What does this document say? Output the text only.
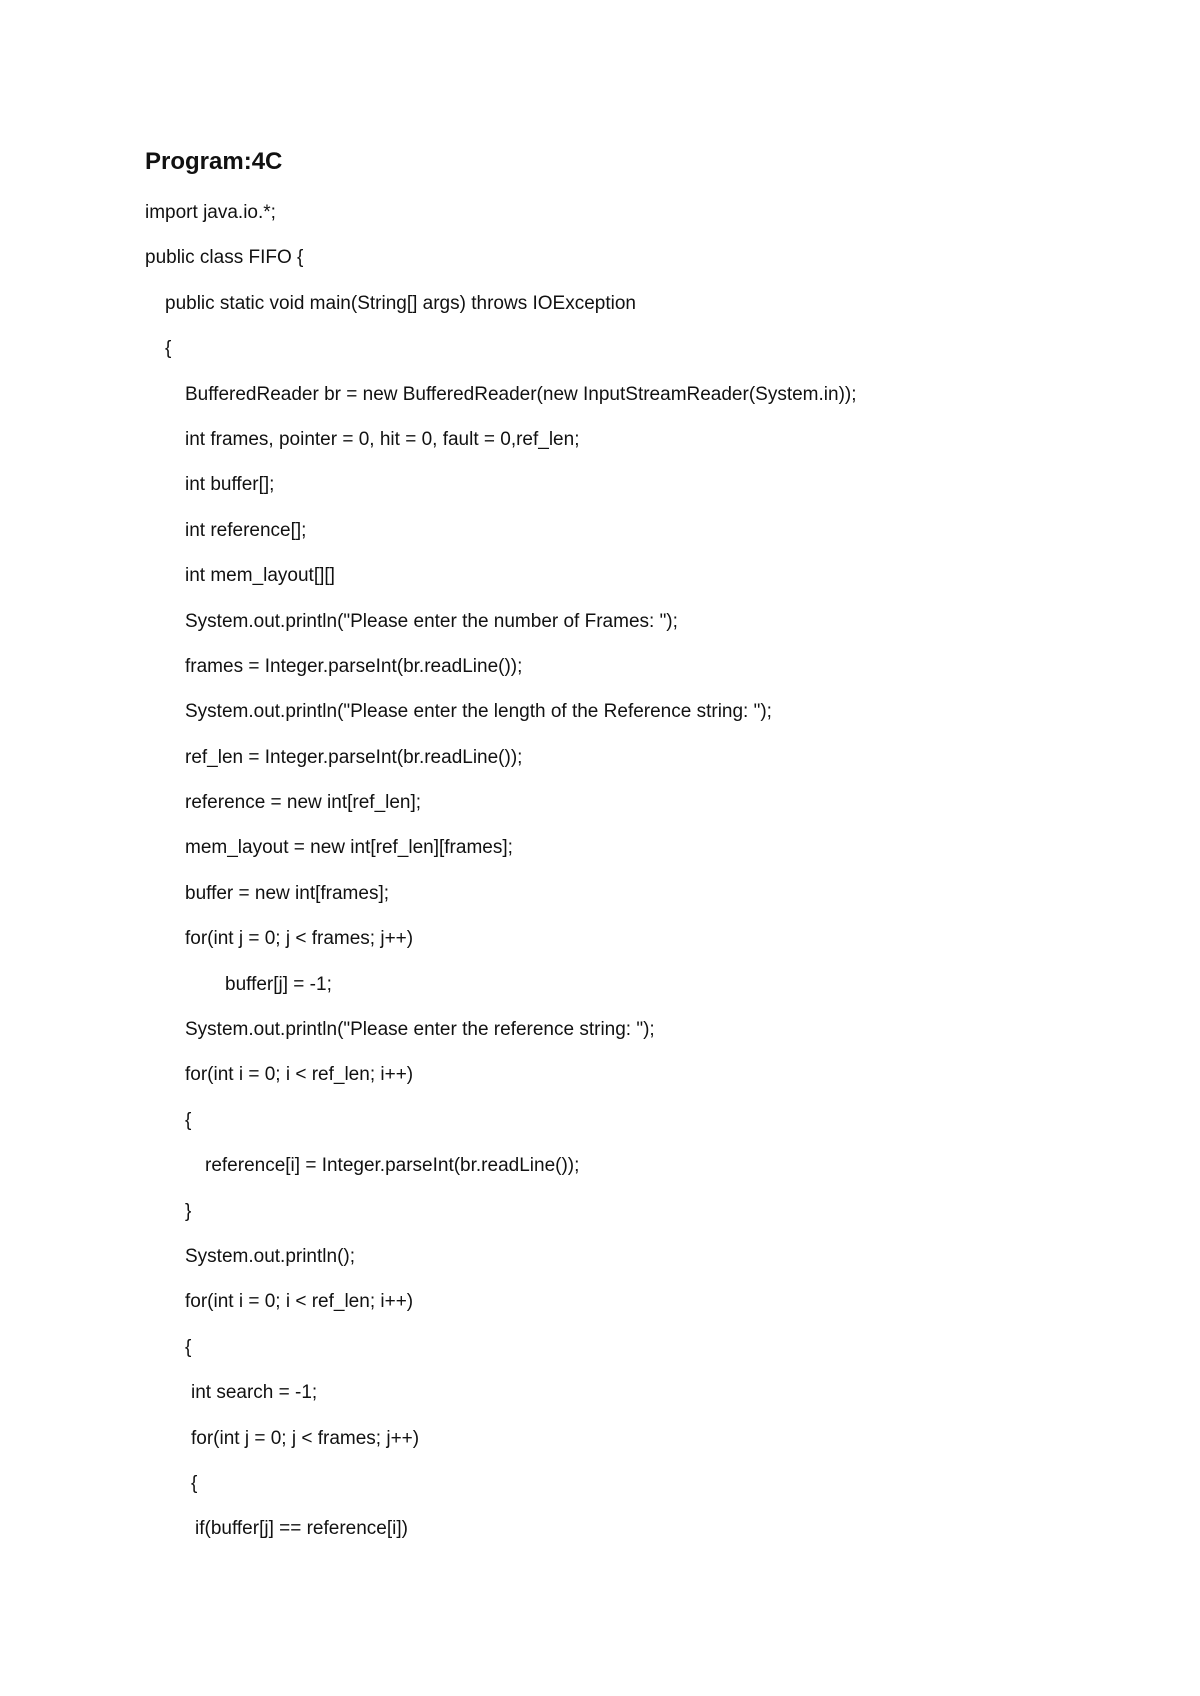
Program:4C
import java.io.*;
public class FIFO {
public static void main(String[] args) throws IOException
{
BufferedReader br = new BufferedReader(new InputStreamReader(System.in));
int frames, pointer = 0, hit = 0, fault = 0,ref_len;
int buffer[];
int reference[];
int mem_layout[][]
System.out.println("Please enter the number of Frames: ");
frames = Integer.parseInt(br.readLine());
System.out.println("Please enter the length of the Reference string: ");
ref_len = Integer.parseInt(br.readLine());
reference = new int[ref_len];
mem_layout = new int[ref_len][frames];
buffer = new int[frames];
for(int j = 0; j < frames; j++)
buffer[j] = -1;
System.out.println("Please enter the reference string: ");
for(int i = 0; i < ref_len; i++)
{
reference[i] = Integer.parseInt(br.readLine());
}
System.out.println();
for(int i = 0; i < ref_len; i++)
{
int search = -1;
for(int j = 0; j < frames; j++)
{
if(buffer[j] == reference[i])
